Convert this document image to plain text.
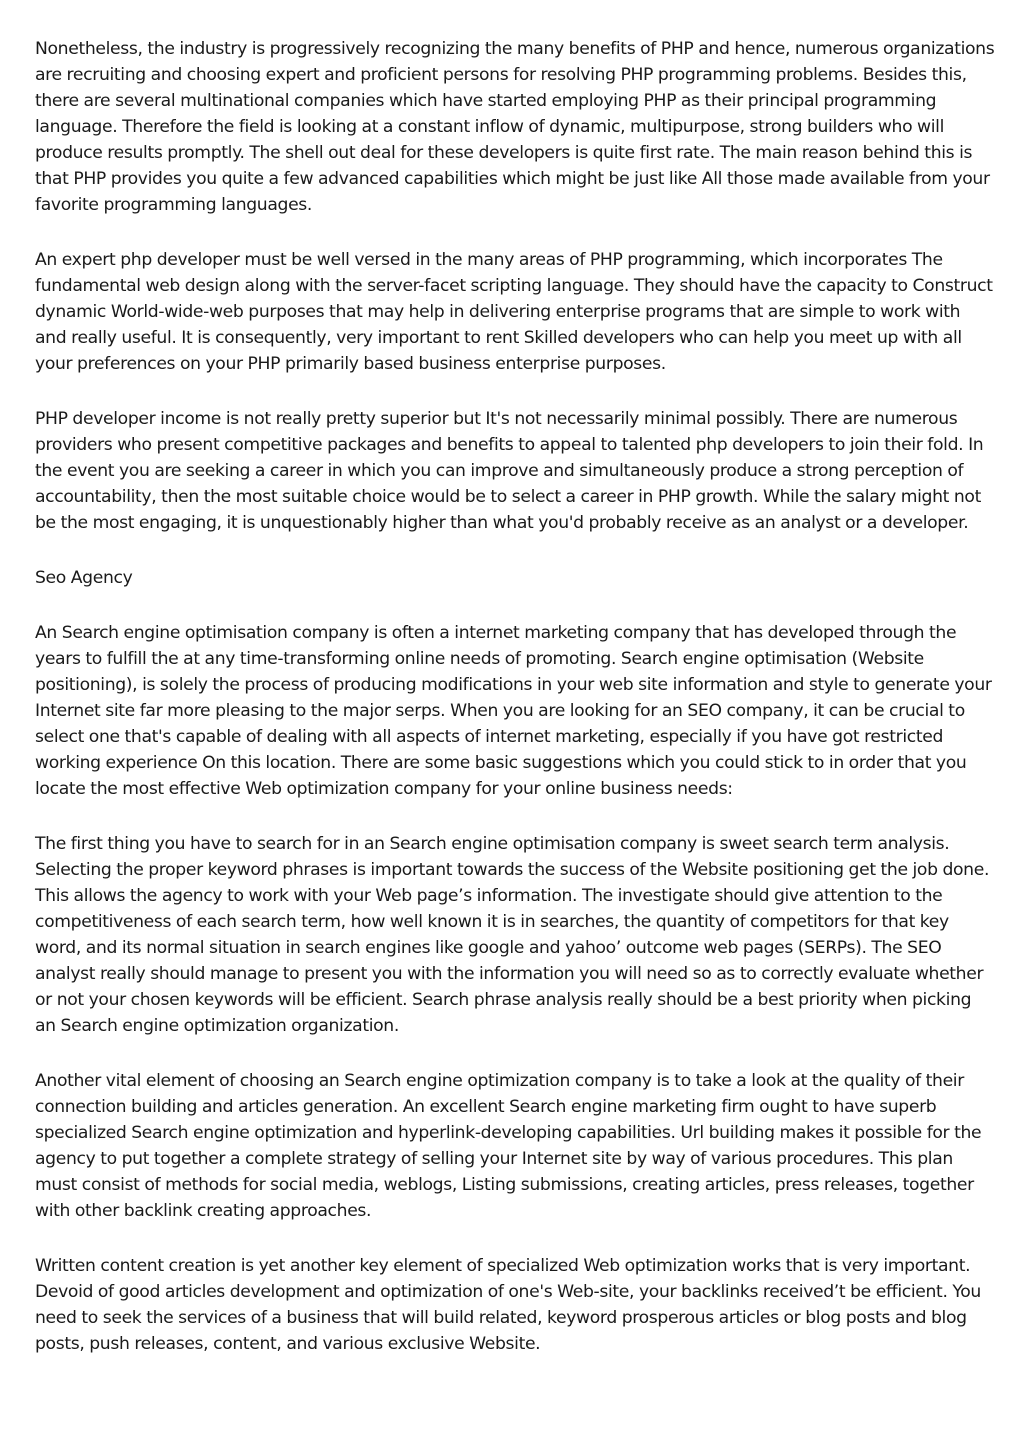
Nonetheless, the industry is progressively recognizing the many benefits of PHP and hence, numerous organizations are recruiting and choosing expert and proficient persons for resolving PHP programming problems. Besides this, there are several multinational companies which have started employing PHP as their principal programming language. Therefore the field is looking at a constant inflow of dynamic, multipurpose, strong builders who will produce results promptly. The shell out deal for these developers is quite first rate. The main reason behind this is that PHP provides you quite a few advanced capabilities which might be just like All those made available from your favorite programming languages.

An expert php developer must be well versed in the many areas of PHP programming, which incorporates The fundamental web design along with the server-facet scripting language. They should have the capacity to Construct dynamic World-wide-web purposes that may help in delivering enterprise programs that are simple to work with and really useful. It is consequently, very important to rent Skilled developers who can help you meet up with all your preferences on your PHP primarily based business enterprise purposes.

PHP developer income is not really pretty superior but It's not necessarily minimal possibly. There are numerous providers who present competitive packages and benefits to appeal to talented php developers to join their fold. In the event you are seeking a career in which you can improve and simultaneously produce a strong perception of accountability, then the most suitable choice would be to select a career in PHP growth. While the salary might not be the most engaging, it is unquestionably higher than what you'd probably receive as an analyst or a developer.

Seo Agency

An Search engine optimisation company is often a internet marketing company that has developed through the years to fulfill the at any time-transforming online needs of promoting. Search engine optimisation (Website positioning), is solely the process of producing modifications in your web site information and style to generate your Internet site far more pleasing to the major serps. When you are looking for an SEO company, it can be crucial to select one that's capable of dealing with all aspects of internet marketing, especially if you have got restricted working experience On this location. There are some basic suggestions which you could stick to in order that you locate the most effective Web optimization company for your online business needs:

The first thing you have to search for in an Search engine optimisation company is sweet search term analysis. Selecting the proper keyword phrases is important towards the success of the Website positioning get the job done. This allows the agency to work with your Web page’s information. The investigate should give attention to the competitiveness of each search term, how well known it is in searches, the quantity of competitors for that key word, and its normal situation in search engines like google and yahoo’ outcome web pages (SERPs). The SEO analyst really should manage to present you with the information you will need so as to correctly evaluate whether or not your chosen keywords will be efficient. Search phrase analysis really should be a best priority when picking an Search engine optimization organization.

Another vital element of choosing an Search engine optimization company is to take a look at the quality of their connection building and articles generation. An excellent Search engine marketing firm ought to have superb specialized Search engine optimization and hyperlink-developing capabilities. Url building makes it possible for the agency to put together a complete strategy of selling your Internet site by way of various procedures. This plan must consist of methods for social media, weblogs, Listing submissions, creating articles, press releases, together with other backlink creating approaches.

Written content creation is yet another key element of specialized Web optimization works that is very important. Devoid of good articles development and optimization of one's Web-site, your backlinks received’t be efficient. You need to seek the services of a business that will build related, keyword prosperous articles or blog posts and blog posts, push releases, content, and various exclusive Website.
